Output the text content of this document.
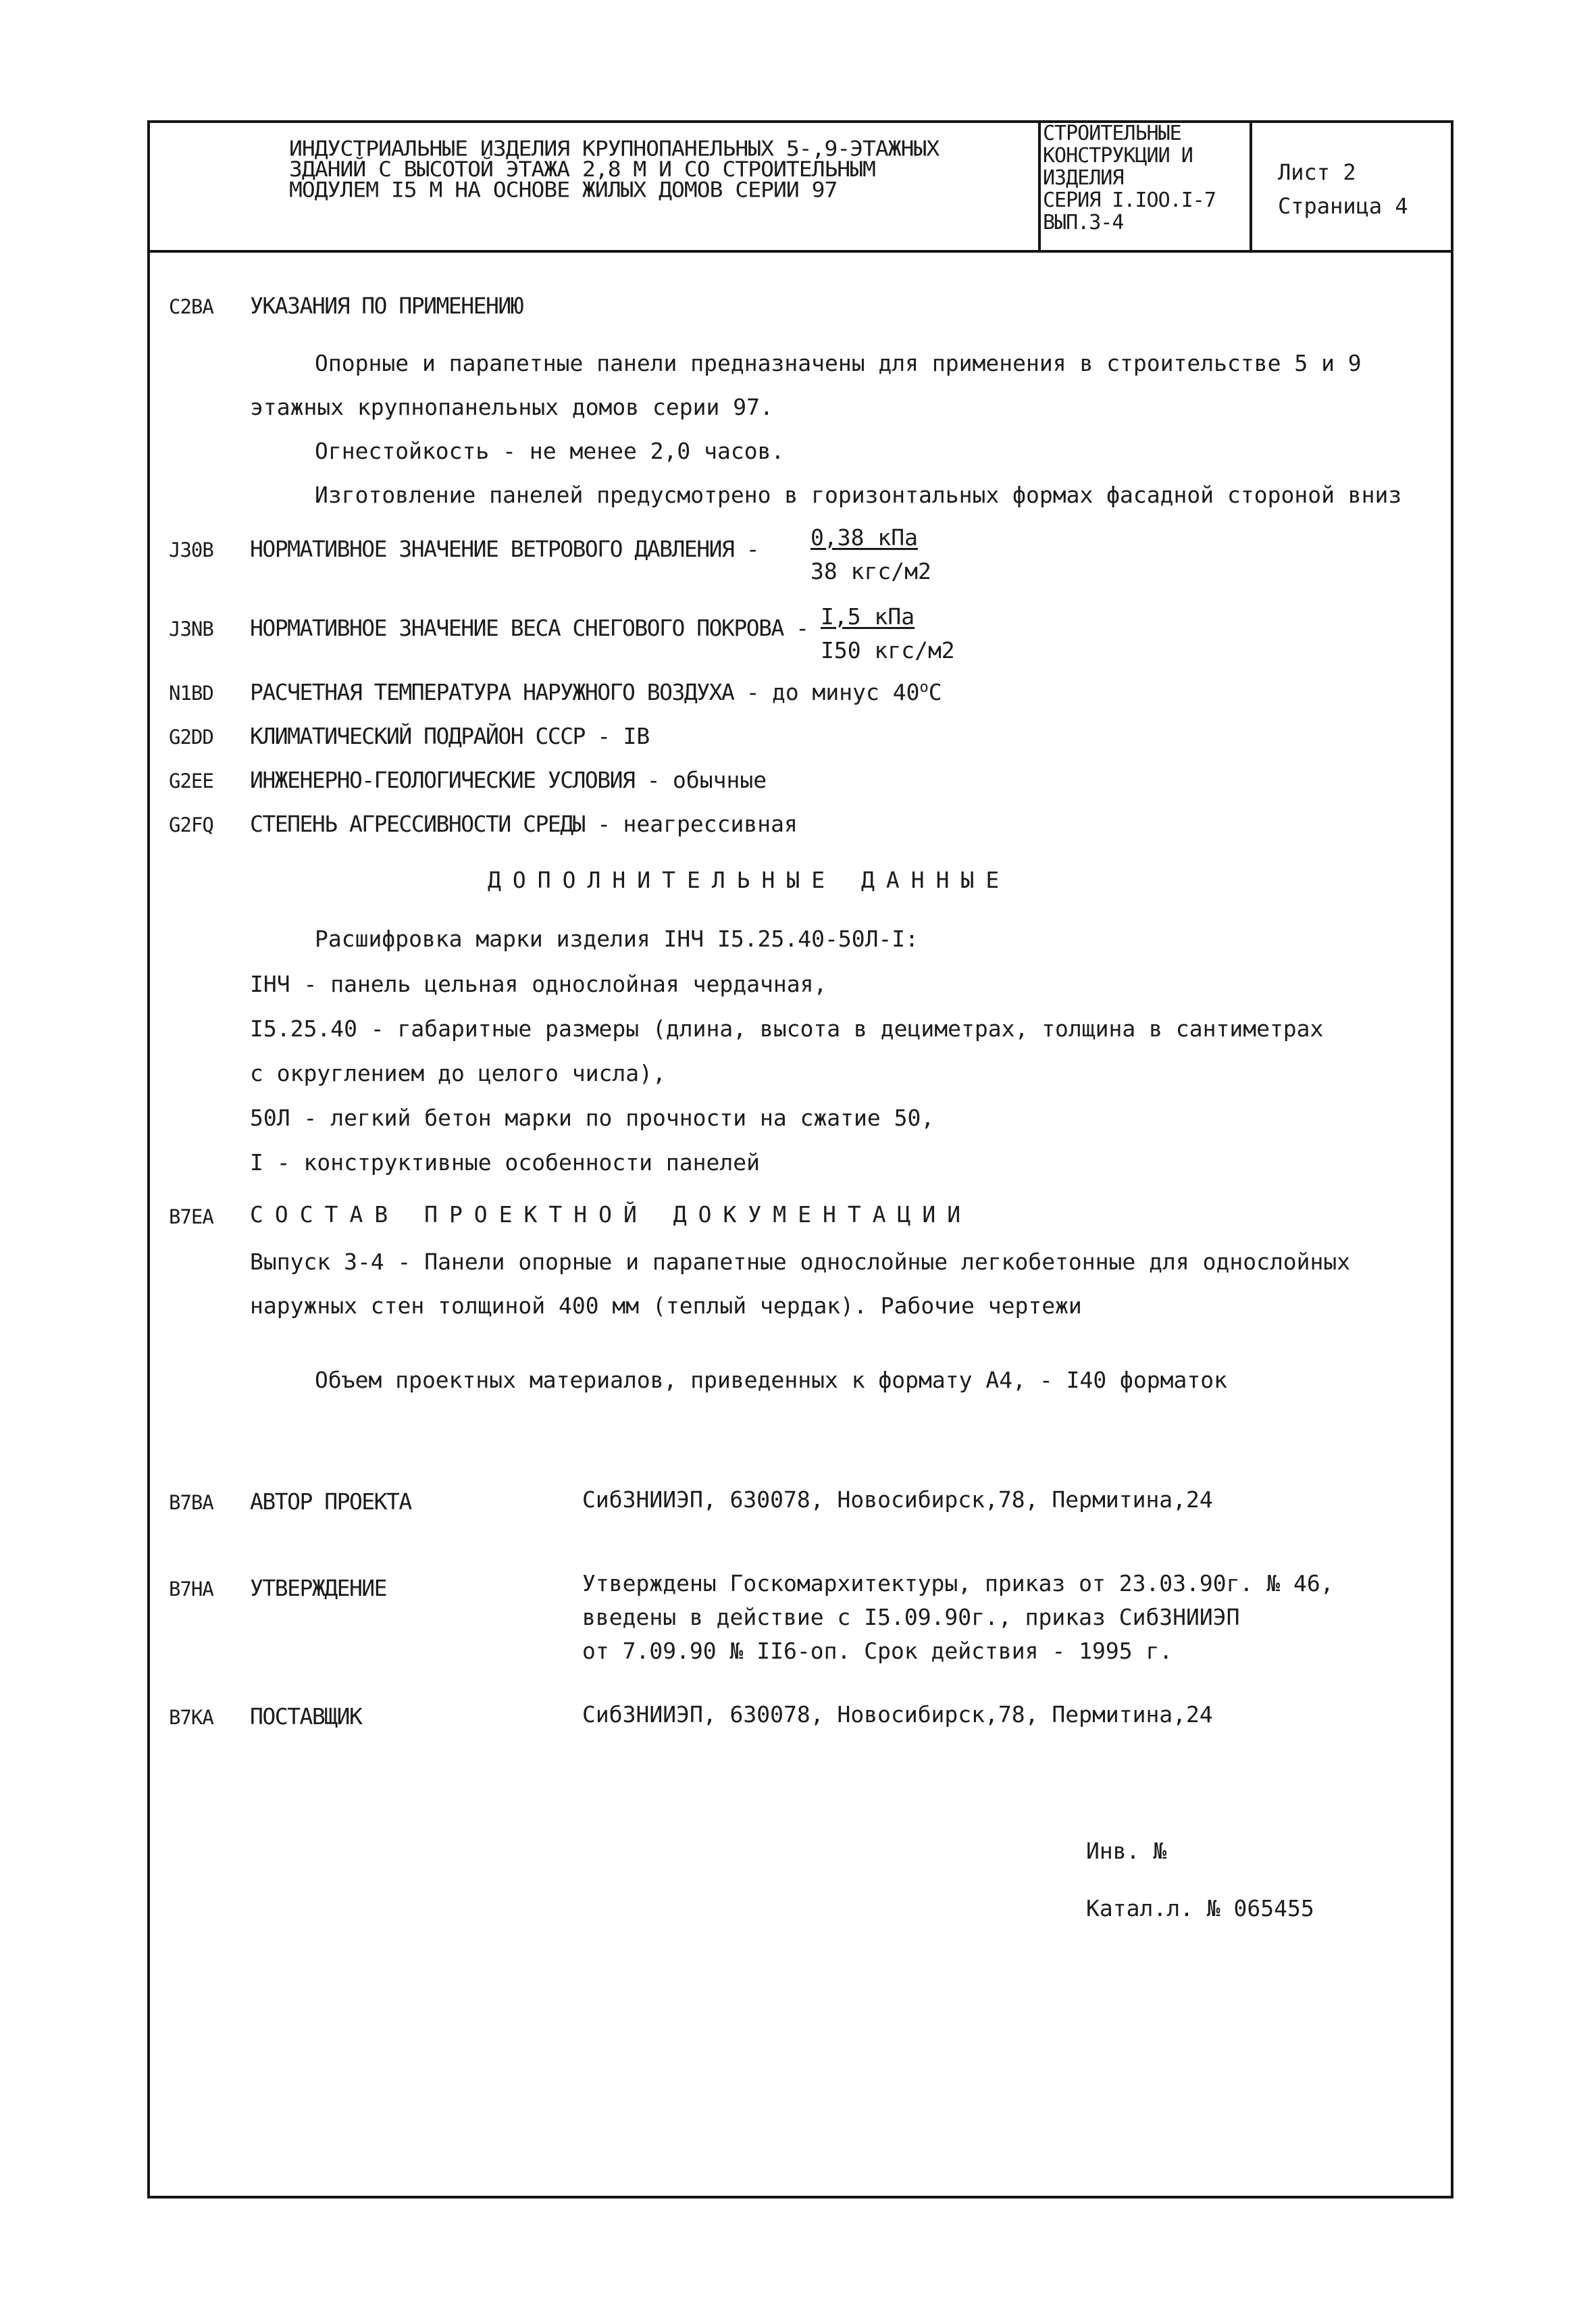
ИНДУСТРИАЛЬНЫЕ ИЗДЕЛИЯ КРУПНОПАНЕЛЬНЫХ 5-,9-ЭТАЖНЫХ
ЗДАНИЙ С ВЫСОТОЙ ЭТАЖА 2,8 М И СО СТРОИТЕЛЬНЫМ
МОДУЛЕМ I5 М НА ОСНОВЕ ЖИЛЫХ ДОМОВ СЕРИИ 97
СТРОИТЕЛЬНЫЕ
КОНСТРУКЦИИ И
ИЗДЕЛИЯ
СЕРИЯ I.IOO.I-7
ВЫП.3-4
Лист 2
Страница 4
C2BA УКАЗАНИЯ ПО ПРИМЕНЕНИЮ
Опорные и парапетные панели предназначены для применения в строительстве 5 и 9
этажных крупнопанельных домов серии 97.
Огнестойкость - не менее 2,0 часов.
Изготовление панелей предусмотрено в горизонтальных формах фасадной стороной вниз
J30B НОРМАТИВНОЕ ЗНАЧЕНИЕ ВЕТРОВОГО ДАВЛЕНИЯ - 0,38 кПа
38 кгс/м2
J3NB НОРМАТИВНОЕ ЗНАЧЕНИЕ ВЕСА СНЕГОВОГО ПОКРОВА - I,5 кПа
I50 кгс/м2
N1BD РАСЧЕТНАЯ ТЕМПЕРАТУРА НАРУЖНОГО ВОЗДУХА - до минус $40^оС$
G2DD КЛИМАТИЧЕСКИЙ ПОДРАЙОН СССР - IВ
G2EE ИНЖЕНЕРНО-ГЕОЛОГИЧЕСКИЕ УСЛОВИЯ - обычные
G2FQ СТЕПЕНЬ АГРЕССИВНОСТИ СРЕДЫ - неагрессивная
ДОПОЛНИТЕЛЬНЫЕ ДАННЫЕ
Расшифровка марки изделия IНЧ I5.25.40-50Л-I:
IНЧ - панель цельная однослойная чердачная,
I5.25.40 - габаритные размеры (длина, высота в дециметрах, толщина в сантиметрах
с округлением до целого числа),
50Л - легкий бетон марки по прочности на сжатие 50,
I - конструктивные особенности панелей
B7EA СОСТАВ ПРОЕКТНОЙ ДОКУМЕНТАЦИИ
Выпуск 3-4 - Панели опорные и парапетные однослойные легкобетонные для однослойных
наружных стен толщиной 400 мм (теплый чердак). Рабочие чертежи
Объем проектных материалов, приведенных к формату А4, - I40 форматок
B7BA АВТОР ПРОЕКТА	СибЗНИИЭП, 630078, Новосибирск,78, Пермитина,24
B7HA УТВЕРЖДЕНИЕ	Утверждены Госкомархитектуры, приказ от 23.03.90г. № 46,
введены в действие с I5.09.90г., приказ СибЗНИИЭП
от 7.09.90 № II6-оп. Срок действия - 1995 г.
B7KA ПОСТАВЩИК	СибЗНИИЭП, 630078, Новосибирск,78, Пермитина,24
Инв. №
Катал.л. № 065455
